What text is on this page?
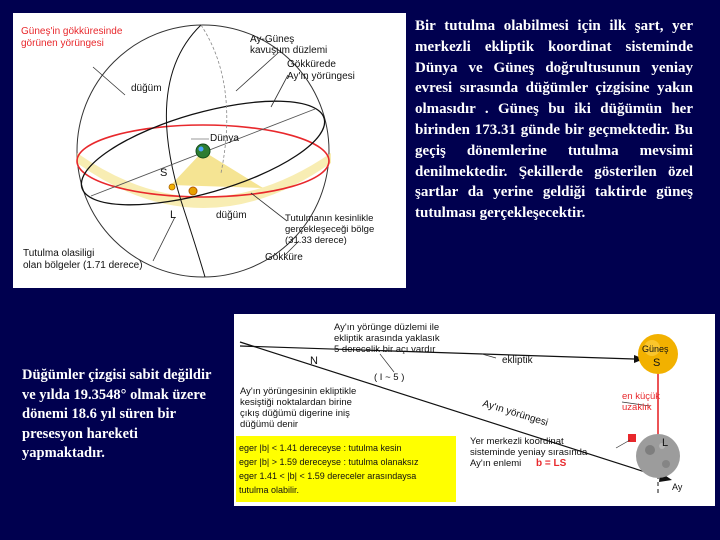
Güneş'in gökküresinde
görünen yörüngesi
düğüm
Dünya
düğüm
Ay-Güneş
kavuşum düzlemi
Gökkürede
Ay'ın yörüngesi
Tutulmanın kesinlikle
gerçekleşeceği bölge
(31.33 derece)
Tutulma olasiligi
olan bölgeler (1.71 derece)
Gökküre
S
L
Bir tutulma olabilmesi için ilk şart, yer merkezli ekliptik koordinat sisteminde Dünya ve Güneş doğrultusunun yeniay evresi sırasında düğümler çizgisine yakın olmasıdır . Güneş bu iki düğümün her birinden 173.31 günde bir geçmektedir. Bu geçiş dönemlerine tutulma mevsimi denilmektedir. Şekillerde gösterilen özel şartlar da yerine geldiği taktirde güneş tutulması gerçekleşecektir.
Düğümler çizgisi sabit değildir ve yılda 19.3548° olmak üzere dönemi 18.6 yıl süren bir presesyon hareketi yapmaktadır.
Ay'ın yörünge düzlemi ile
ekliptik arasında yaklasık
5 derecelik bir açı vardır
N
( I ~ 5 )
ekliptik
Ay'ın yörüngesi
Ay'ın yörüngesinin ekliptikle
kesiştiği noktalardan birine
çıkış düğümü digerine iniş
düğümü denir
Güneş
S
en küçük
uzaklık
L
Yer merkezli koordinat
sisteminde yeniay sırasında
Ay'ın enlemi b = LS
Ay
eger |b| < 1.41 dereceyse : tutulma kesin
eger |b| > 1.59 dereceyse : tutulma olanaksız
eger 1.41 < |b| < 1.59 dereceler arasındaysa
tutulma olabilir.
